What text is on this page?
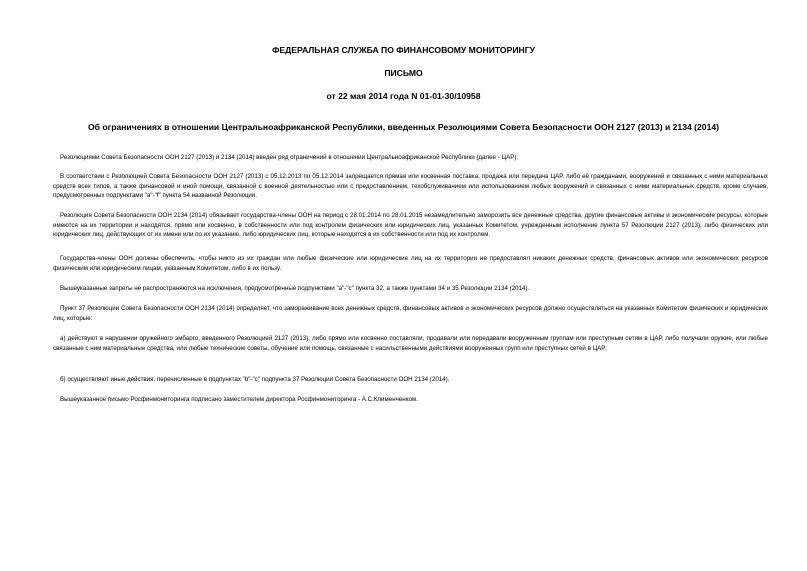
ФЕДЕРАЛЬНАЯ СЛУЖБА ПО ФИНАНСОВОМУ МОНИТОРИНГУ
ПИСЬМО
от 22 мая 2014 года N 01-01-30/10958
Об ограничениях в отношении Центральноафриканской Республики, введенных Резолюциями Совета Безопасности ООН 2127 (2013) и 2134 (2014)

Резолюциями Совета Безопасности ООН 2127 (2013) и 2134 (2014) введен ряд ограничений в отношении Центральноафриканской Республики (далее - ЦАР).

В соответствии с Резолюцией Совета Безопасности ООН 2127 (2013) с 05.12.2013 по 05.12.2014 запрещается прямая или косвенная поставка, продажа или передача ЦАР, либо её гражданами, вооружений и связанных с ними материальных средств всех типов, а также финансовой и иной помощи, связанной с военной деятельностью или с предоставлением, техобслуживанием или использованием любых вооружений и связанных с ними материальных средств, кроме случаев, предусмотренных подпунктами "а"-"f" пункта 54 названной Резолюции.

Резолюция Совета Безопасности ООН 2134 (2014) обязывает государства-члены ООН на период с 28.01.2014 по 28.01.2015 незамедлительно заморозить все денежные средства, другие финансовые активы и экономические ресурсы, которые имеются на их территории и находятся, прямо или косвенно, в собственности или под контролем физических или юридических лиц, указанных Комитетом, учрежденным исполнение пункта 57 Резолюции 2127 (2013), либо физических или юридических лиц, действующих от их имени или по их указанию, либо юридических лиц, которые находятся в их собственности или под их контролем.

Государства-члены ООН должны обеспечить, чтобы никто из их граждан или любые физические или юридические лиц на их территории не предоставлял никаких денежных средств, финансовых активов или экономических ресурсов физическим или юридическим лицам, указанным Комитетом, либо в их пользу.

Вышеуказанные запреты не распространяются на исключения, предусмотренные подпунктами "а"-"с" пункта 32, а также пунктами 34 и 35 Резолюции 2134 (2014).

Пункт 37 Резолюции Совета Безопасности ООН 2134 (2014) определяет, что замораживание всех денежных средств, финансовых активов и экономических ресурсов должно осуществляться на указанных Комитетом физических и юридических лиц, которые:

а) действуют в нарушении оружейного эмбарго, введенного Резолюцией 2127 (2013), либо прямо или косвенно поставляли, продавали или передавали вооруженным группам или преступным сетям в ЦАР, либо получали оружие, или любые связанные с ним материальные средства, или любые технические советы, обучение или помощь, связанные с насильственными действиями вооруженных групп или преступных сетей в ЦАР;

б) осуществляют иные действия, перечисленные в подпунктах "b"-"с" подпункта 37 Резолюции Совета Безопасности ООН 2134 (2014).

Вышеуказанное письмо Росфинмониторинга подписано заместителем директора Росфинмониторинга - А.С.Клименченком.
